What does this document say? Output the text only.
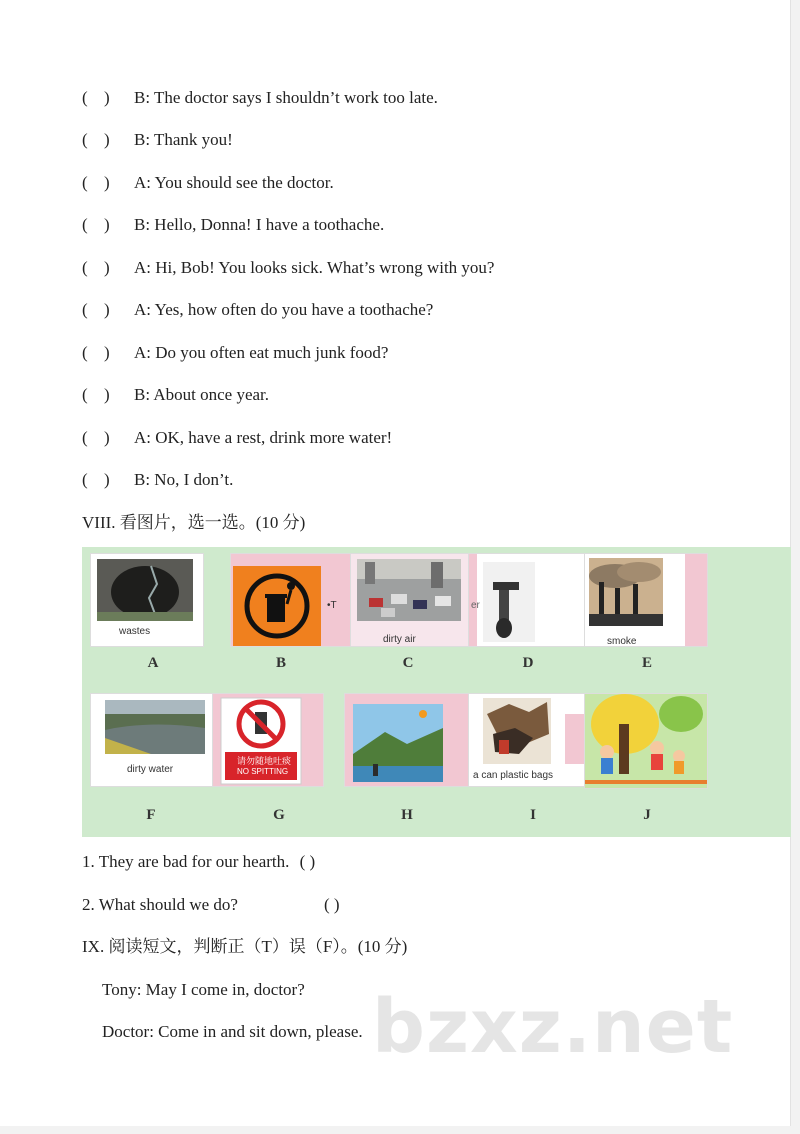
( ) B: The doctor says I shouldn’t work too late.
( ) B: Thank you!
( ) A: You should see the doctor.
( ) B: Hello, Donna! I have a toothache.
( ) A: Hi, Bob! You looks sick. What’s wrong with you?
( ) A: Yes, how often do you have a toothache?
( ) A: Do you often eat much junk food?
( ) B: About once year.
( ) A: OK, have a rest, drink more water!
( ) B: No, I don’t.
VIII. 看图片，选一选。(10 分)
wastes
•T
dirty air
er
smoke
A	B	C	D	E
dirty water
请勿随地吐痰
NO SPITTING	a can plastic bags
F	G	H	I	J
1. They are bad for our hearth. ( )
2. What should we do?	( )
IX. 阅读短文，判断正（T）误（F）。(10 分)
Tony: May I come in, doctor?
Doctor: Come in and sit down, please. bzxz.net
